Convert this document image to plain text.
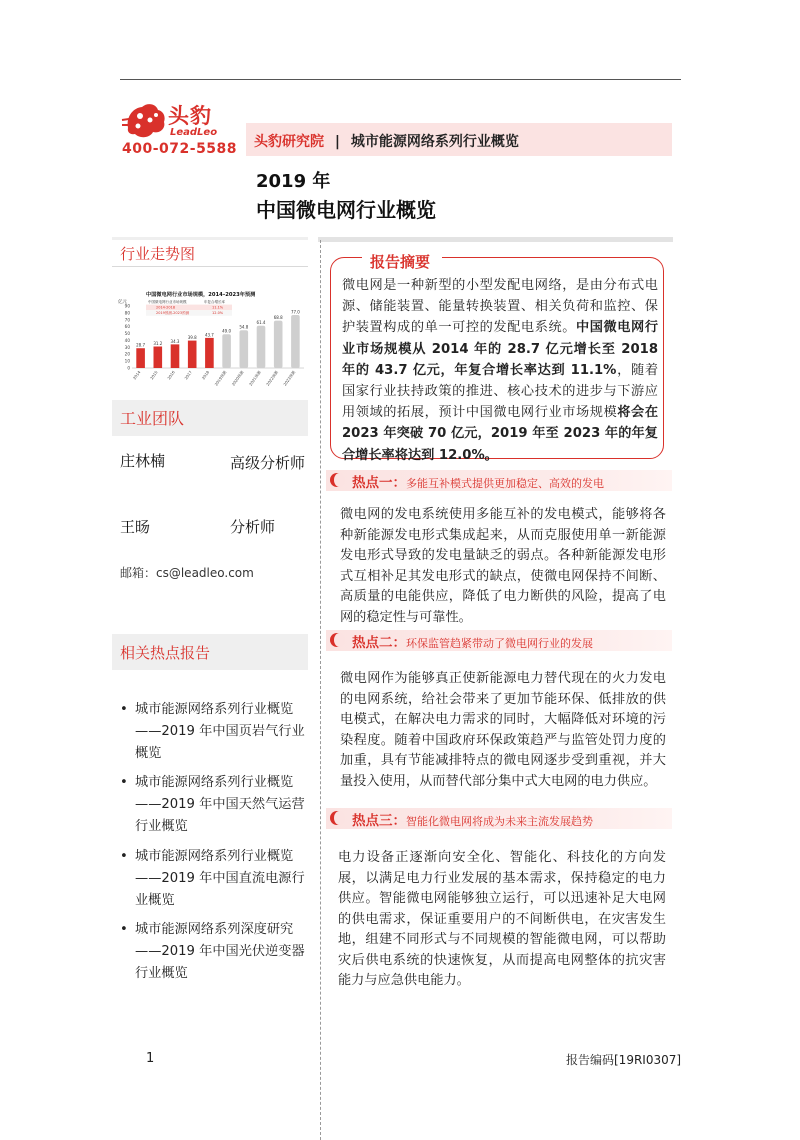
头豹
LeadLeo
400-072-5588 头豹研究院 | 城市能源网络系列行业概览
2019 年
中国微电网行业概览
行业走势图
中国微电网行业市场规模，2014–2023年预测
亿元	中国微电网行业市场规模	年复合增长率
2014-2018	11.1%
2019预测-2023预测	12.0%
0
10
20
30
40
50
60
70
80
90
28.7
2014
31.2
2015
34.3
2016
39.8
2017
43.7
2018
49.0
2019预测
54.8
2020预测
61.4
2021预测
68.8
2022预测
77.0
2023预测
工业团队
庄林楠	高级分析师
王旸	分析师
邮箱：cs@leadleo.com
相关热点报告
• 城市能源网络系列行业概览——2019 年中国页岩气行业概览
• 城市能源网络系列行业概览——2019 年中国天然气运营行业概览
• 城市能源网络系列行业概览——2019 年中国直流电源行业概览
• 城市能源网络系列深度研究——2019 年中国光伏逆变器行业概览
报告摘要
微电网是一种新型的小型发配电网络，是由分布式电源、储能装置、能量转换装置、相关负荷和监控、保护装置构成的单一可控的发配电系统。中国微电网行业市场规模从 2014 年的 28.7 亿元增长至 2018 年的 43.7 亿元，年复合增长率达到 11.1%，随着国家行业扶持政策的推进、核心技术的进步与下游应用领域的拓展，预计中国微电网行业市场规模将会在 2023 年突破 70 亿元，2019 年至 2023 年的年复合增长率将达到 12.0%。
热点一：多能互补模式提供更加稳定、高效的发电
微电网的发电系统使用多能互补的发电模式，能够将各种新能源发电形式集成起来，从而克服使用单一新能源发电形式导致的发电量缺乏的弱点。各种新能源发电形式互相补足其发电形式的缺点，使微电网保持不间断、高质量的电能供应，降低了电力断供的风险，提高了电网的稳定性与可靠性。
热点二：环保监管趋紧带动了微电网行业的发展
微电网作为能够真正使新能源电力替代现在的火力发电的电网系统，给社会带来了更加节能环保、低排放的供电模式，在解决电力需求的同时，大幅降低对环境的污染程度。随着中国政府环保政策趋严与监管处罚力度的加重，具有节能减排特点的微电网逐步受到重视，并大量投入使用，从而替代部分集中式大电网的电力供应。
热点三：智能化微电网将成为未来主流发展趋势
电力设备正逐渐向安全化、智能化、科技化的方向发展，以满足电力行业发展的基本需求，保持稳定的电力供应。智能微电网能够独立运行，可以迅速补足大电网的供电需求，保证重要用户的不间断供电，在灾害发生地，组建不同形式与不同规模的智能微电网，可以帮助灾后供电系统的快速恢复，从而提高电网整体的抗灾害能力与应急供电能力。
1	报告编码[19RI0307]
